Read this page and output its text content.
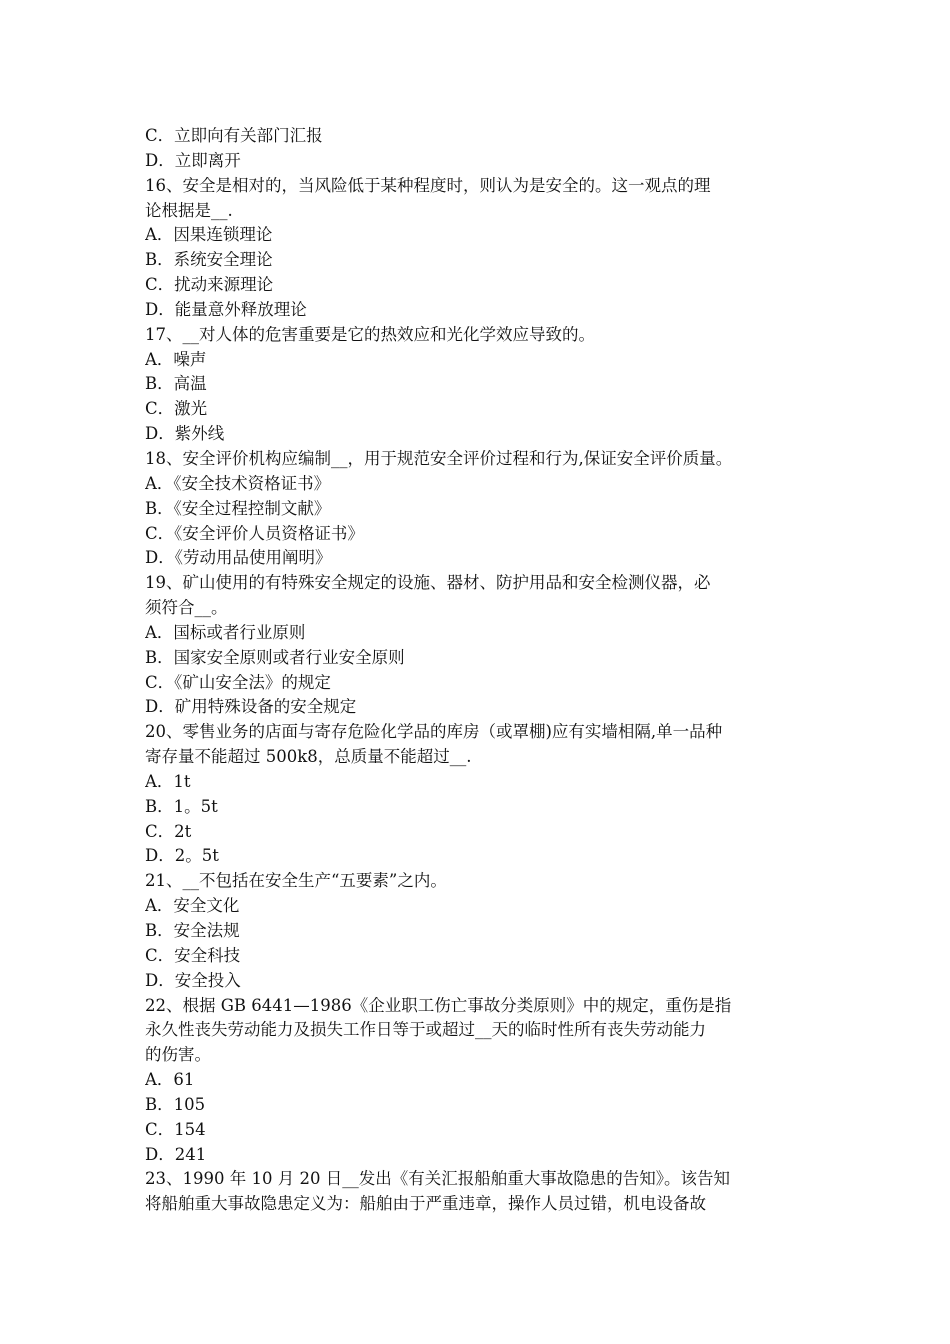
C．立即向有关部门汇报
D．立即离开
16、安全是相对的，当风险低于某种程度时，则认为是安全的。这一观点的理
论根据是__.
A．因果连锁理论
B．系统安全理论
C．扰动来源理论
D．能量意外释放理论
17、__对人体的危害重要是它的热效应和光化学效应导致的。
A．噪声
B．高温
C．激光
D．紫外线
18、安全评价机构应编制__，用于规范安全评价过程和行为,保证安全评价质量。
A．《安全技术资格证书》
B．《安全过程控制文献》
C．《安全评价人员资格证书》
D．《劳动用品使用阐明》
19、矿山使用的有特殊安全规定的设施、器材、防护用品和安全检测仪器，必
须符合__。
A．国标或者行业原则
B．国家安全原则或者行业安全原则
C．《矿山安全法》的规定
D．矿用特殊设备的安全规定
20、零售业务的店面与寄存危险化学品的库房（或罩棚)应有实墙相隔,单一品种
寄存量不能超过 500k8，总质量不能超过__.
A．1t
B．1。5t
C．2t
D．2。5t
21、__不包括在安全生产“五要素”之内。
A．安全文化
B．安全法规
C．安全科技
D．安全投入
22、根据 GB 6441—1986《企业职工伤亡事故分类原则》中的规定，重伤是指
永久性丧失劳动能力及损失工作日等于或超过__天的临时性所有丧失劳动能力
的伤害。
A．61
B．105
C．154
D．241
23、1990 年 10 月 20 日__发出《有关汇报船舶重大事故隐患的告知》。该告知
将船舶重大事故隐患定义为：船舶由于严重违章，操作人员过错，机电设备故
